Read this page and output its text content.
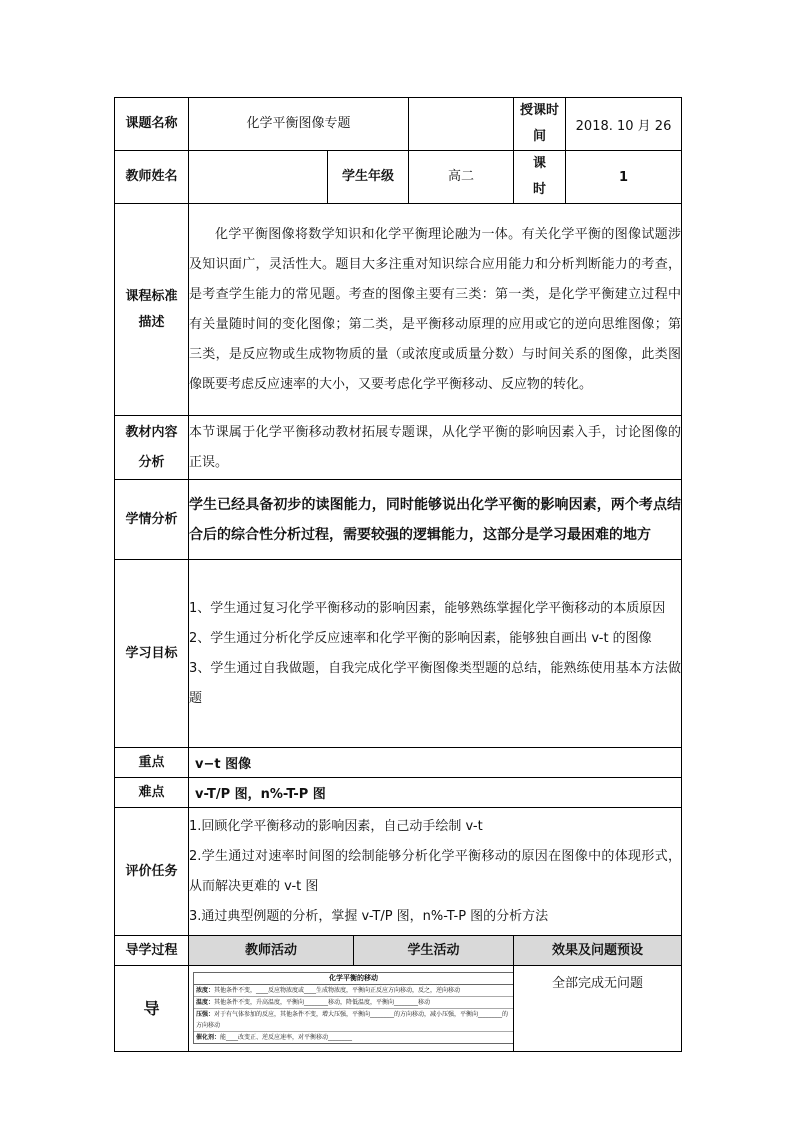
课题名称	化学平衡图像专题				授课时间	2018. 10 月 26
教师姓名		学生年级		高二	课　　时	1
课程标准描述	化学平衡图像将数学知识和化学平衡理论融为一体。有关化学平衡的图像试题涉及知识面广，灵活性大。题目大多注重对知识综合应用能力和分析判断能力的考查，是考查学生能力的常见题。考查的图像主要有三类：第一类，是化学平衡建立过程中有关量随时间的变化图像；第二类，是平衡移动原理的应用或它的逆向思维图像；第三类，是反应物或生成物物质的量（或浓度或质量分数）与时间关系的图像，此类图像既要考虑反应速率的大小，又要考虑化学平衡移动、反应物的转化。					
教材内容分析	本节课属于化学平衡移动教材拓展专题课，从化学平衡的影响因素入手，讨论图像的正误。					
学情分析	学生已经具备初步的读图能力，同时能够说出化学平衡的影响因素，两个考点结合后的综合性分析过程，需要较强的逻辑能力，这部分是学习最困难的地方					
学习目标	1、学生通过复习化学平衡移动的影响因素，能够熟练掌握化学平衡移动的本质原因

2、学生通过分析化学反应速率和化学平衡的影响因素，能够独自画出 v-t 的图像

3、学生通过自我做题，自我完成化学平衡图像类型题的总结，能熟练使用基本方法做题					

重点	v−t 图像					
难点	v-T/P 图，n%-T-P 图					
评价任务	1.回顾化学平衡移动的影响因素，自己动手绘制 v-t

2.学生通过对速率时间图的绘制能够分析化学平衡移动的原因在图像中的体现形式，从而解决更难的 v-t 图

3.通过典型例题的分析，掌握 v-T/P 图，n%-T-P 图的分析方法					

导学过程	教师活动		学生活动		效果及问题预设	
导	化学平衡的移动
浓度：其他条件不变，____反应物浓度或____生成物浓度，平衡向正反应方向移动，反之，逆向移动
温度：其他条件不变，升高温度，平衡向________移动，降低温度，平衡向________移动
压强：对于有气体参加的反应，其他条件不变，增大压强，平衡向________的方向移动，减小压强，平衡向________的方向移动
催化剂：能____改变正、逆反应速率，对平衡移动________				全部完成无问题	
